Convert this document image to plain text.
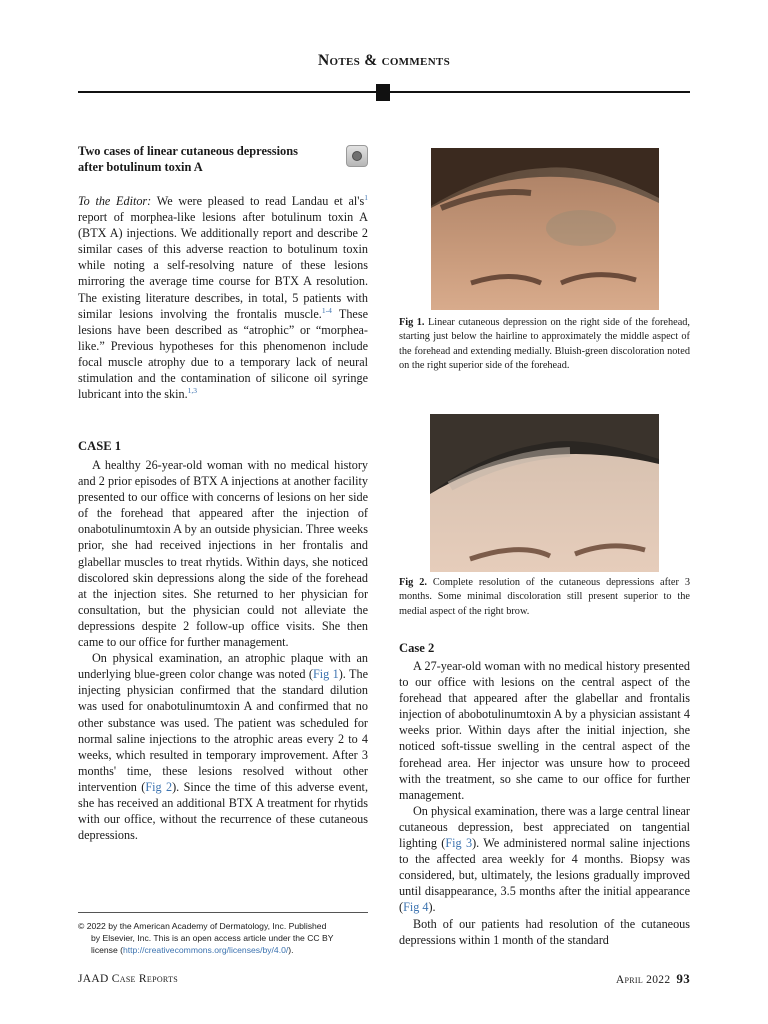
Notes & comments
Two cases of linear cutaneous depressions after botulinum toxin A

To the Editor: We were pleased to read Landau et $al's^1$ report of morphea-like lesions after botulinum toxin A (BTX A) injections. We additionally report and describe 2 similar cases of this adverse reaction to botulinum toxin while noting a self-resolving nature of these lesions mirroring the average time course for BTX A resolution. The existing literature describes, in total, 5 patients with similar lesions involving the frontalis muscle.$^{1-4}$ These lesions have been described as “atrophic” or “morphea-like.” Previous hypotheses for this phenomenon include focal muscle atrophy due to a temporary lack of neural stimulation and the contamination of silicone oil syringe lubricant into the skin.$^{1,3}$

CASE 1

A healthy 26-year-old woman with no medical history and 2 prior episodes of BTX A injections at another facility presented to our office with concerns of lesions on her side of the forehead that appeared after the injection of onabotulinumtoxin A by an outside physician. Three weeks prior, she had received injections in her frontalis and glabellar muscles to treat rhytids. Within days, she noticed discolored skin depressions along the side of the forehead at the injection sites. She returned to her physician for consultation, but the physician could not alleviate the depressions despite 2 follow-up office visits. She then came to our office for further management.

On physical examination, an atrophic plaque with an underlying blue-green color change was noted (Fig 1). The injecting physician confirmed that the standard dilution was used for onabotulinumtoxin A and confirmed that no other substance was used. The patient was scheduled for normal saline injections to the atrophic areas every 2 to 4 weeks, which resulted in temporary improvement. After 3 months' time, these lesions resolved without other intervention (Fig 2). Since the time of this adverse event, she has received an additional BTX A treatment for rhytids with our office, without the recurrence of these cutaneous depressions.

© 2022 by the American Academy of Dermatology, Inc. Published
by Elsevier, Inc. This is an open access article under the CC BY
license (http://creativecommons.org/licenses/by/4.0/).
Fig 1. Linear cutaneous depression on the right side of the forehead, starting just below the hairline to approximately the middle aspect of the forehead and extending medially. Bluish-green discoloration noted on the right superior side of the forehead.
Fig 2. Complete resolution of the cutaneous depressions after 3 months. Some minimal discoloration still present superior to the medial aspect of the right brow.
Case 2

A 27-year-old woman with no medical history presented to our office with lesions on the central aspect of the forehead that appeared after the glabellar and frontalis injection of abobotulinumtoxin A by a physician assistant 4 weeks prior. Within days after the initial injection, she noticed soft-tissue swelling in the central aspect of the forehead area. Her injector was unsure how to proceed with the treatment, so she came to our office for further management.

On physical examination, there was a large central linear cutaneous depression, best appreciated on tangential lighting (Fig 3). We administered normal saline injections to the affected area weekly for 4 months. Biopsy was considered, but, ultimately, the lesions gradually improved until disappearance, 3.5 months after the initial appearance (Fig 4).

Both of our patients had resolution of the cutaneous depressions within 1 month of the standard

JAAD Case Reports	April 2022 93
